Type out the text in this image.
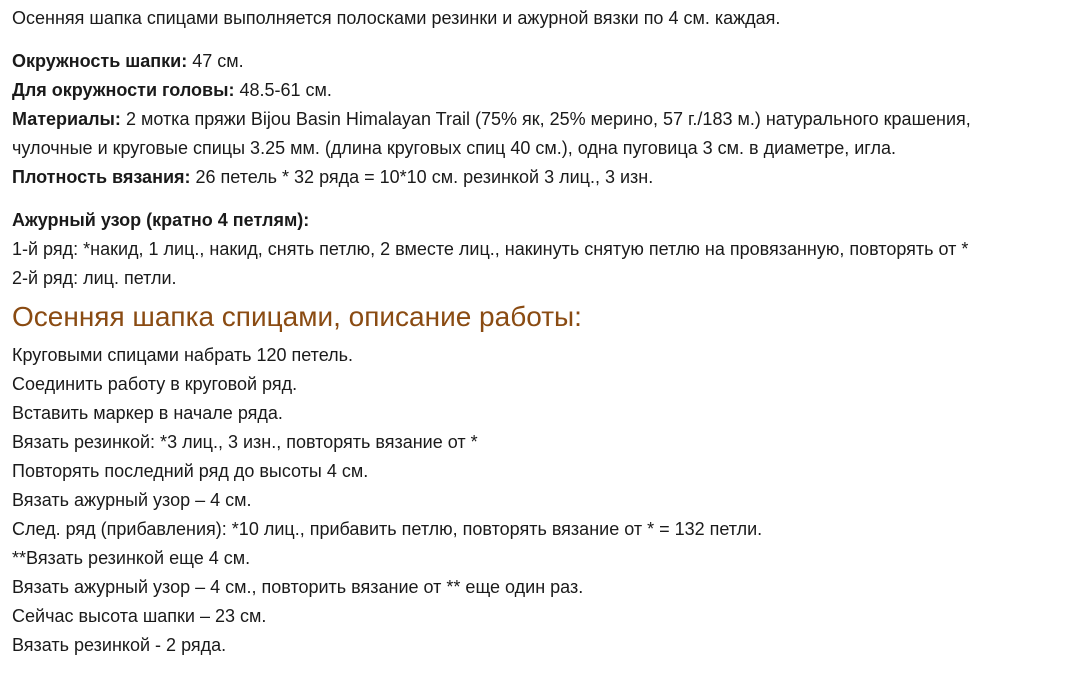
Осенняя шапка спицами выполняется полосками резинки и ажурной вязки по 4 см. каждая.

Окружность шапки: 47 см.

Для окружности головы: 48.5-61 см.

Материалы: 2 мотка пряжи Bijou Basin Himalayan Trail (75% як, 25% мерино, 57 г./183 м.) натурального крашения,

чулочные и круговые спицы 3.25 мм. (длина круговых спиц 40 см.), одна пуговица 3 см. в диаметре, игла.

Плотность вязания: 26 петель * 32 ряда = 10*10 см. резинкой 3 лиц., 3 изн.

Ажурный узор (кратно 4 петлям):

1-й ряд: *накид, 1 лиц., накид, снять петлю, 2 вместе лиц., накинуть снятую петлю на провязанную, повторять от *

2-й ряд: лиц. петли.

Осенняя шапка спицами, описание работы:

Круговыми спицами набрать 120 петель.

Соединить работу в круговой ряд.

Вставить маркер в начале ряда.

Вязать резинкой: *3 лиц., 3 изн., повторять вязание от *

Повторять последний ряд до высоты 4 см.

Вязать ажурный узор – 4 см.

След. ряд (прибавления): *10 лиц., прибавить петлю, повторять вязание от * = 132 петли.

**Вязать резинкой еще 4 см.

Вязать ажурный узор – 4 см., повторить вязание от ** еще один раз.

Сейчас высота шапки – 23 см.

Вязать резинкой - 2 ряда.
